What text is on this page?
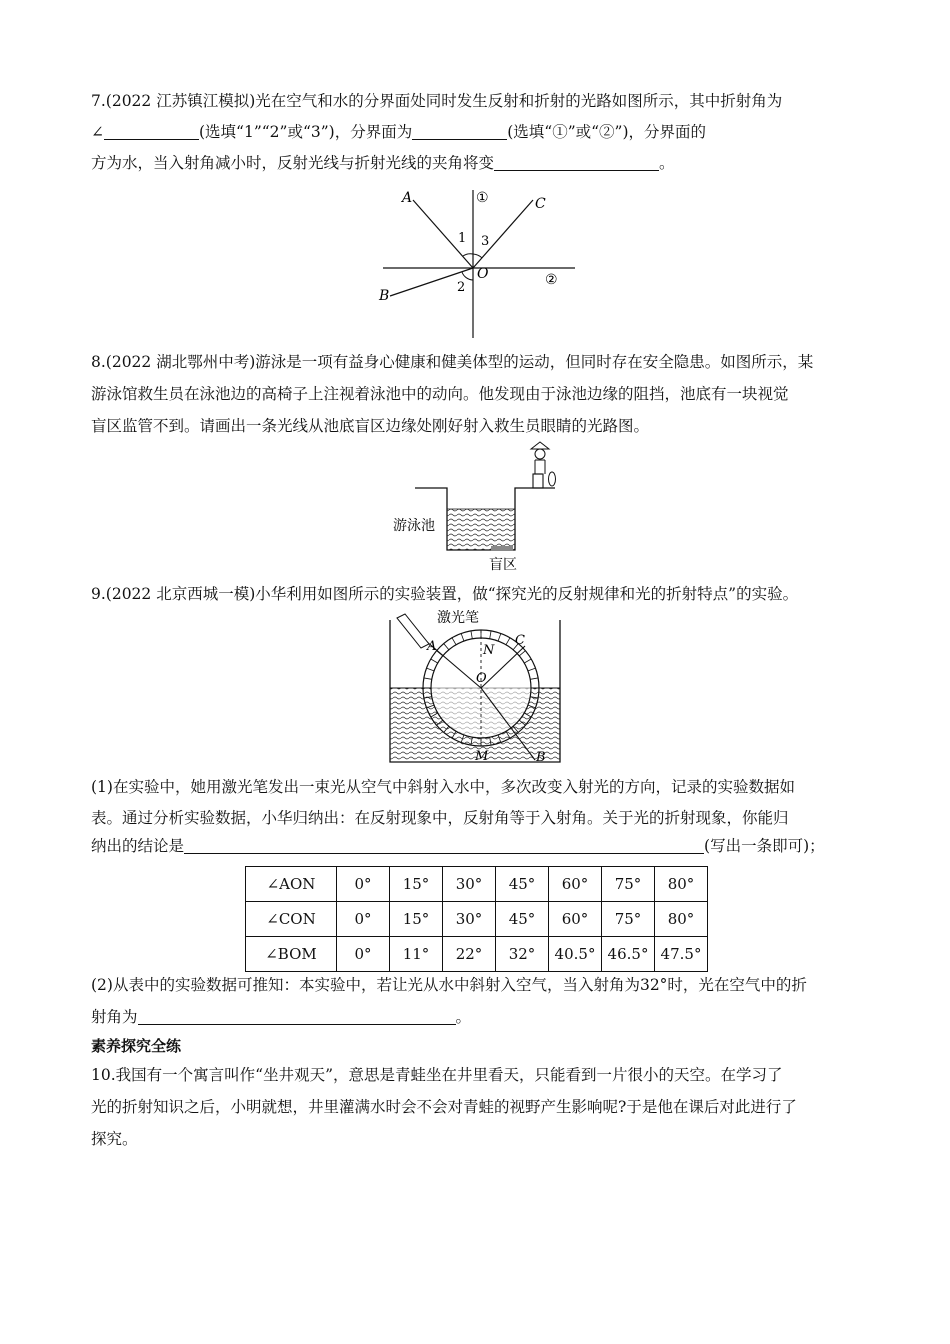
7.(2022 江苏镇江模拟)光在空气和水的分界面处同时发生反射和折射的光路如图所示，其中折射角为

∠	(选填“1”“2”或“3”)，分界面为	(选填“①”或“②”)，分界面的

方为水，当入射角减小时，反射光线与折射光线的夹角将变	。

A	C
B
O
1 3
2
①
②

8.(2022 湖北鄂州中考)游泳是一项有益身心健康和健美体型的运动，但同时存在安全隐患。如图所示，某

游泳馆救生员在泳池边的高椅子上注视着泳池中的动向。他发现由于泳池边缘的阻挡，池底有一块视觉

盲区监管不到。请画出一条光线从池底盲区边缘处刚好射入救生员眼睛的光路图。

游泳池
盲区

9.(2022 北京西城一模)小华利用如图所示的实验装置，做“探究光的反射规律和光的折射特点”的实验。

激光笔
A	N
C
O
M	B

(1)在实验中，她用激光笔发出一束光从空气中斜射入水中，多次改变入射光的方向，记录的实验数据如

表。通过分析实验数据，小华归纳出：在反射现象中，反射角等于入射角。关于光的折射现象，你能归

纳出的结论是	(写出一条即可)；

∠AON	0°	15°	30°	45°	60°	75°	80°
∠CON	0°	15°	30°	45°	60°	75°	80°
∠BOM	0°	11°	22°	32°	40.5°	46.5°	47.5°

(2)从表中的实验数据可推知：本实验中，若让光从水中斜射入空气，当入射角为32°时，光在空气中的折

射角为	。

素养探究全练

10.我国有一个寓言叫作“坐井观天”，意思是青蛙坐在井里看天，只能看到一片很小的天空。在学习了

光的折射知识之后，小明就想，井里灌满水时会不会对青蛙的视野产生影响呢?于是他在课后对此进行了

探究。
